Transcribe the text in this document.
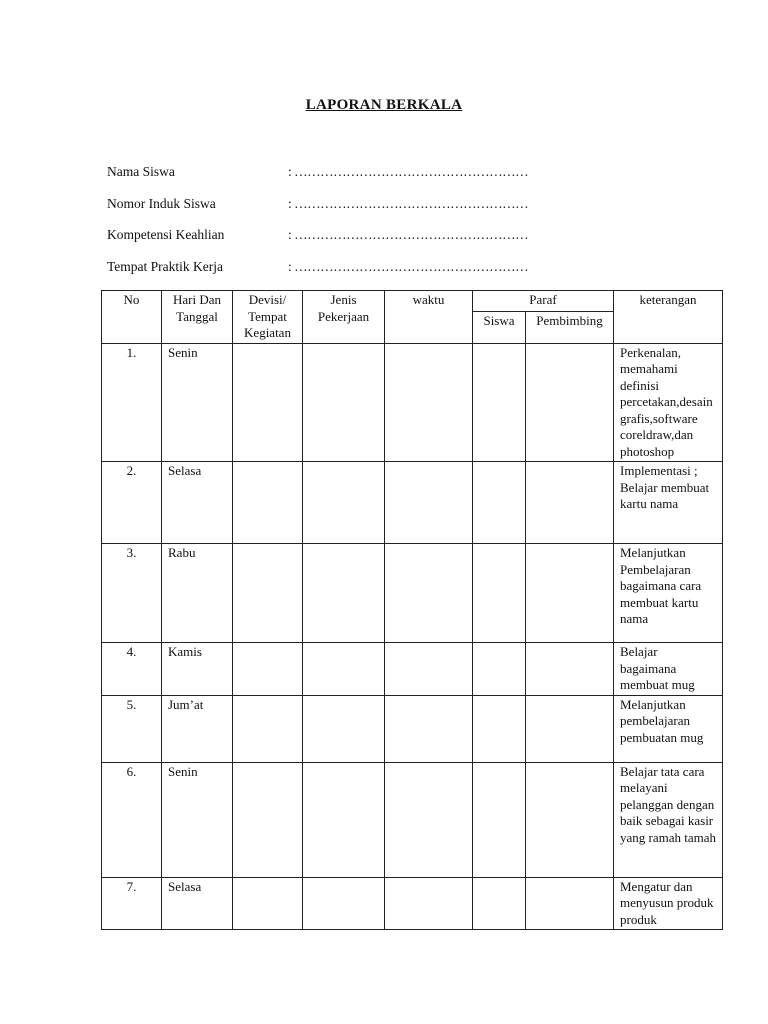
LAPORAN BERKALA
Nama Siswa	: ………………………………………………
Nomor Induk Siswa	: ………………………………………………
Kompetensi Keahlian	: ………………………………………………
Tempat Praktik Kerja	: ………………………………………………
No	Hari Dan Tanggal	Devisi/ Tempat Kegiatan	Jenis Pekerjaan	waktu	Paraf		keterangan
					Siswa	Pembimbing	
1.	Senin						Perkenalan, memahami definisi percetakan,desain grafis,software coreldraw,dan photoshop
2.	Selasa						Implementasi ; Belajar membuat kartu nama
3.	Rabu						Melanjutkan Pembelajaran bagaimana cara membuat kartu nama
4.	Kamis						Belajar bagaimana membuat mug
5.	Jum’at						Melanjutkan pembelajaran pembuatan mug
6.	Senin						Belajar tata cara melayani pelanggan dengan baik sebagai kasir yang ramah tamah
7.	Selasa						Mengatur dan menyusun produk produk
